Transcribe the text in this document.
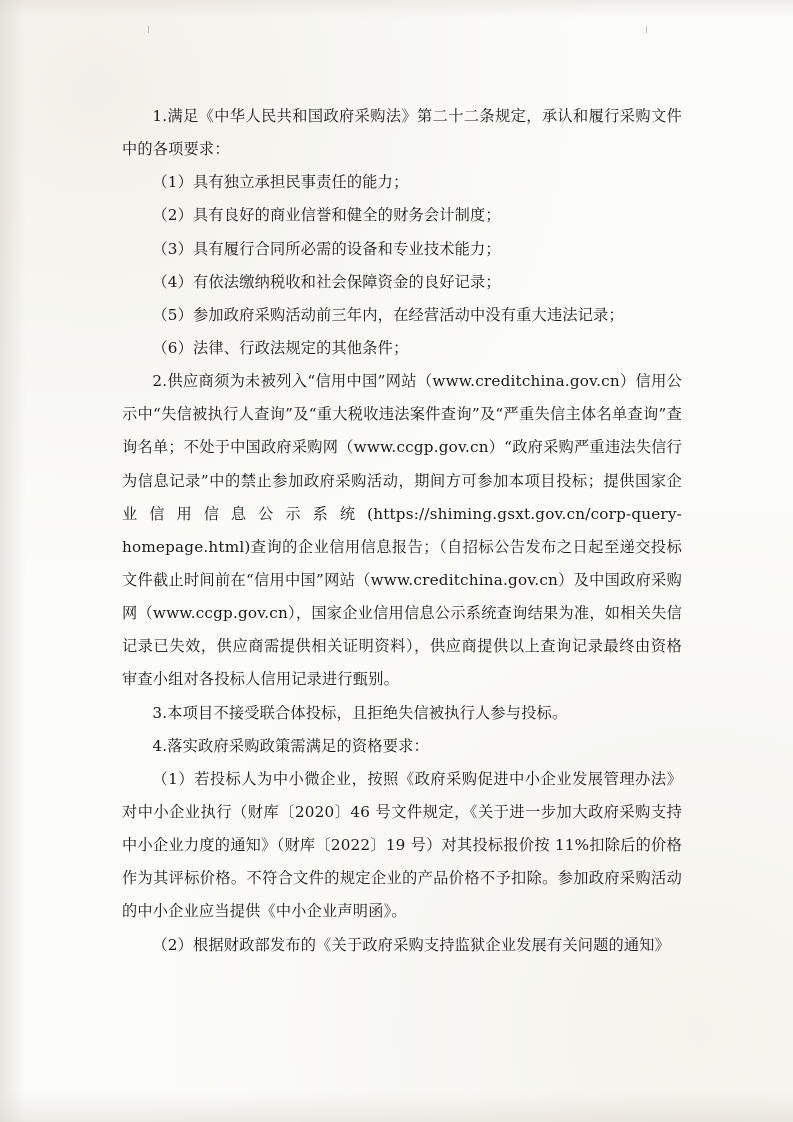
1.满足《中华人民共和国政府采购法》第二十二条规定，承认和履行采购文件中的各项要求：

（1）具有独立承担民事责任的能力；

（2）具有良好的商业信誉和健全的财务会计制度；

（3）具有履行合同所必需的设备和专业技术能力；

（4）有依法缴纳税收和社会保障资金的良好记录；

（5）参加政府采购活动前三年内，在经营活动中没有重大违法记录；

（6）法律、行政法规定的其他条件；

2.供应商须为未被列入“信用中国”网站（www.creditchina.gov.cn）信用公示中“失信被执行人查询”及“重大税收违法案件查询”及“严重失信主体名单查询”查询名单；不处于中国政府采购网（www.ccgp.gov.cn）“政府采购严重违法失信行为信息记录”中的禁止参加政府采购活动，期间方可参加本项目投标；提供国家企业信用信息公示系统(https://shiming.gsxt.gov.cn/corp-query-homepage.html)查询的企业信用信息报告；（自招标公告发布之日起至递交投标文件截止时间前在“信用中国”网站（www.creditchina.gov.cn）及中国政府采购网（www.ccgp.gov.cn），国家企业信用信息公示系统查询结果为准，如相关失信记录已失效，供应商需提供相关证明资料），供应商提供以上查询记录最终由资格审查小组对各投标人信用记录进行甄别。

3.本项目不接受联合体投标，且拒绝失信被执行人参与投标。

4.落实政府采购政策需满足的资格要求：

（1）若投标人为中小微企业，按照《政府采购促进中小企业发展管理办法》对中小企业执行（财库〔2020〕46 号文件规定，《关于进一步加大政府采购支持中小企业力度的通知》（财库〔2022〕19 号）对其投标报价按 11%扣除后的价格作为其评标价格。不符合文件的规定企业的产品价格不予扣除。参加政府采购活动的中小企业应当提供《中小企业声明函》。

（2）根据财政部发布的《关于政府采购支持监狱企业发展有关问题的通知》
